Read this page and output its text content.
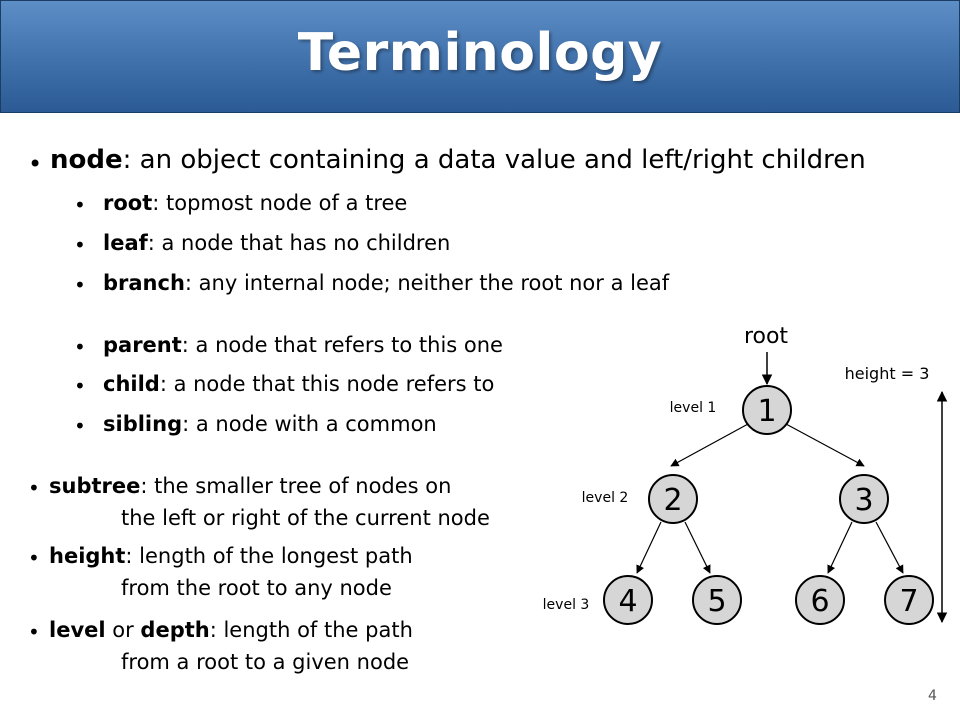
Terminology
• node: an object containing a data value and left/right children
• root: topmost node of a tree
• leaf: a node that has no children
• branch: any internal node; neither the root nor a leaf
• parent: a node that refers to this one
• child: a node that this node refers to
• sibling: a node with a common
• subtree: the smaller tree of nodes on
the left or right of the current node
• height: length of the longest path
from the root to any node
• level or depth: length of the path
from a root to a given node
root
height = 3
level 1
level 2
level 3
1
2	3
4 5	6 7
4
